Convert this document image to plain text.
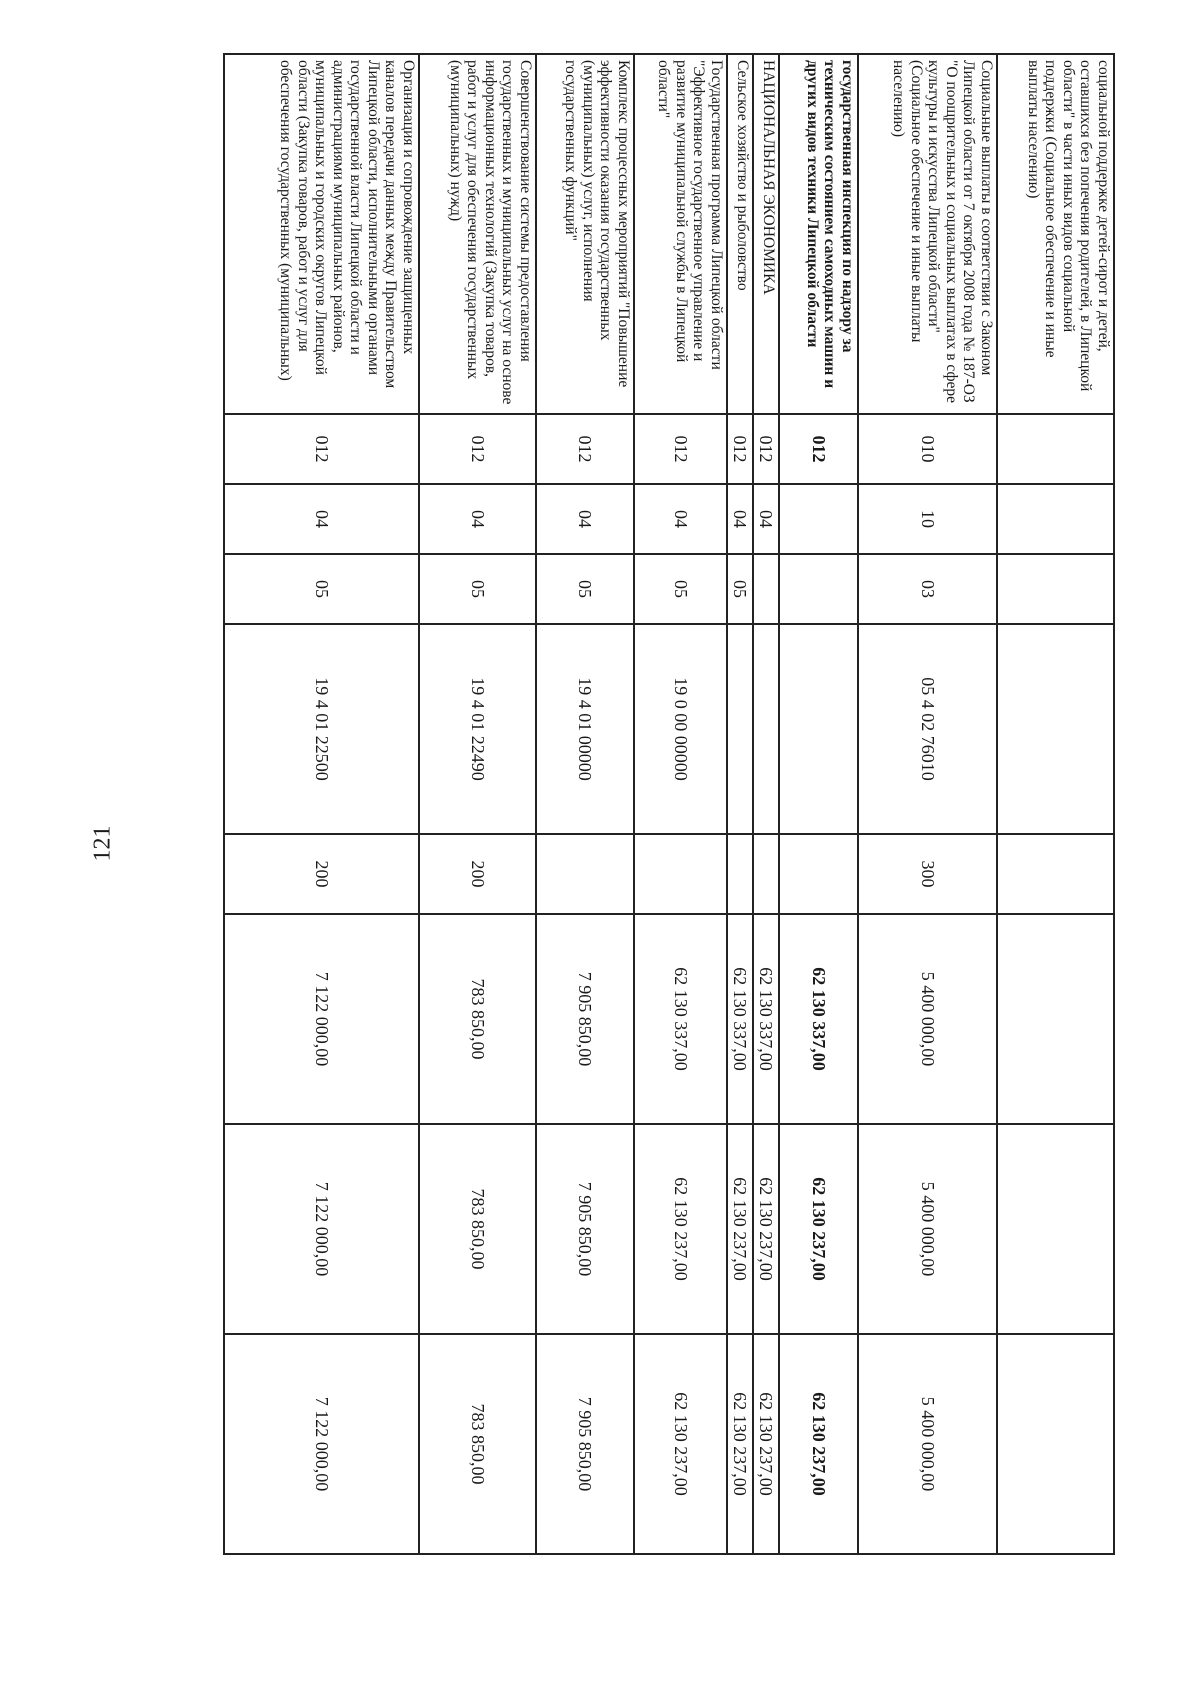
121
социальной поддержке детей-сирот и детей, оставшихся без попечения родителей, в Липецкой области" в части иных видов социальной поддержки (Социальное обеспечение и иные выплаты населению)								
Социальные выплаты в соответствии с Законом Липецкой области от 7 октября 2008 года № 187-ОЗ "О поощрительных и социальных выплатах в сфере культуры и искусства Липецкой области" (Социальное обеспечение и иные выплаты населению)	010	10	03	05 4 02 76010	300	5 400 000,00	5 400 000,00	5 400 000,00
государственная инспекция по надзору за техническим состоянием самоходных машин и других видов техники Липецкой области	012					62 130 337,00	62 130 237,00	62 130 237,00
НАЦИОНАЛЬНАЯ ЭКОНОМИКА	012	04				62 130 337,00	62 130 237,00	62 130 237,00
Сельское хозяйство и рыболовство	012	04	05			62 130 337,00	62 130 237,00	62 130 237,00
Государственная программа Липецкой области "Эффективное государственное управление и развитие муниципальной службы в Липецкой области"	012	04	05	19 0 00 00000		62 130 337,00	62 130 237,00	62 130 237,00
Комплекс процессных мероприятий "Повышение эффективности оказания государственных (муниципальных) услуг, исполнения государственных функций"	012	04	05	19 4 01 00000		7 905 850,00	7 905 850,00	7 905 850,00
Совершенствование системы предоставления государственных и муниципальных услуг на основе информационных технологий (Закупка товаров, работ и услуг для обеспечения государственных (муниципальных) нужд)	012	04	05	19 4 01 22490	200	783 850,00	783 850,00	783 850,00
Организация и сопровождение защищенных каналов передачи данных между Правительством Липецкой области, исполнительными органами государственной власти Липецкой области и администрациями муниципальных районов, муниципальных и городских округов Липецкой области (Закупка товаров, работ и услуг для обеспечения государственных (муниципальных)	012	04	05	19 4 01 22500	200	7 122 000,00	7 122 000,00	7 122 000,00
